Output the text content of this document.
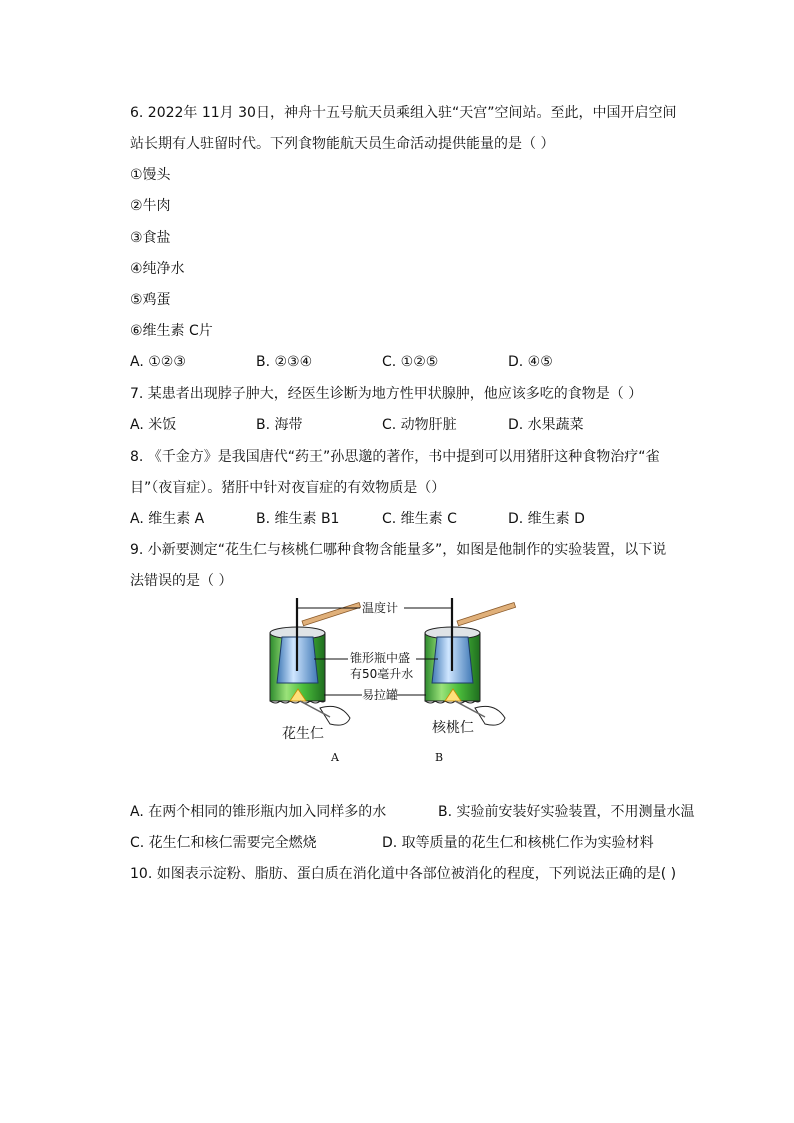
6. 2022年 11月 30日，神舟十五号航天员乘组入驻“天宫”空间站。至此，中国开启空间
站长期有人驻留时代。下列食物能航天员生命活动提供能量的是（ ）
①馒头
②牛肉
③食盐
④纯净水
⑤鸡蛋
⑥维生素 C片
A. ①②③	B. ②③④	C. ①②⑤	D. ④⑤
7. 某患者出现脖子肿大，经医生诊断为地方性甲状腺肿，他应该多吃的食物是（ ）
A. 米饭	B. 海带	C. 动物肝脏	D. 水果蔬菜
8. 《千金方》是我国唐代“药王”孙思邈的著作，书中提到可以用猪肝这种食物治疗“雀
目”（夜盲症）。猪肝中针对夜盲症的有效物质是（）
A. 维生素 A	B. 维生素 B1	C. 维生素 C	D. 维生素 D
9. 小新要测定“花生仁与核桃仁哪种食物含能量多”，如图是他制作的实验装置，以下说
法错误的是（ ）
温度计
锥形瓶中盛
有50毫升水
易拉罐
花生仁	核桃仁
A	B
A. 在两个相同的锥形瓶内加入同样多的水	B. 实验前安装好实验装置，不用测量水温
C. 花生仁和核仁需要完全燃烧	D. 取等质量的花生仁和核桃仁作为实验材料
10. 如图表示淀粉、脂肪、蛋白质在消化道中各部位被消化的程度，下列说法正确的是( )
